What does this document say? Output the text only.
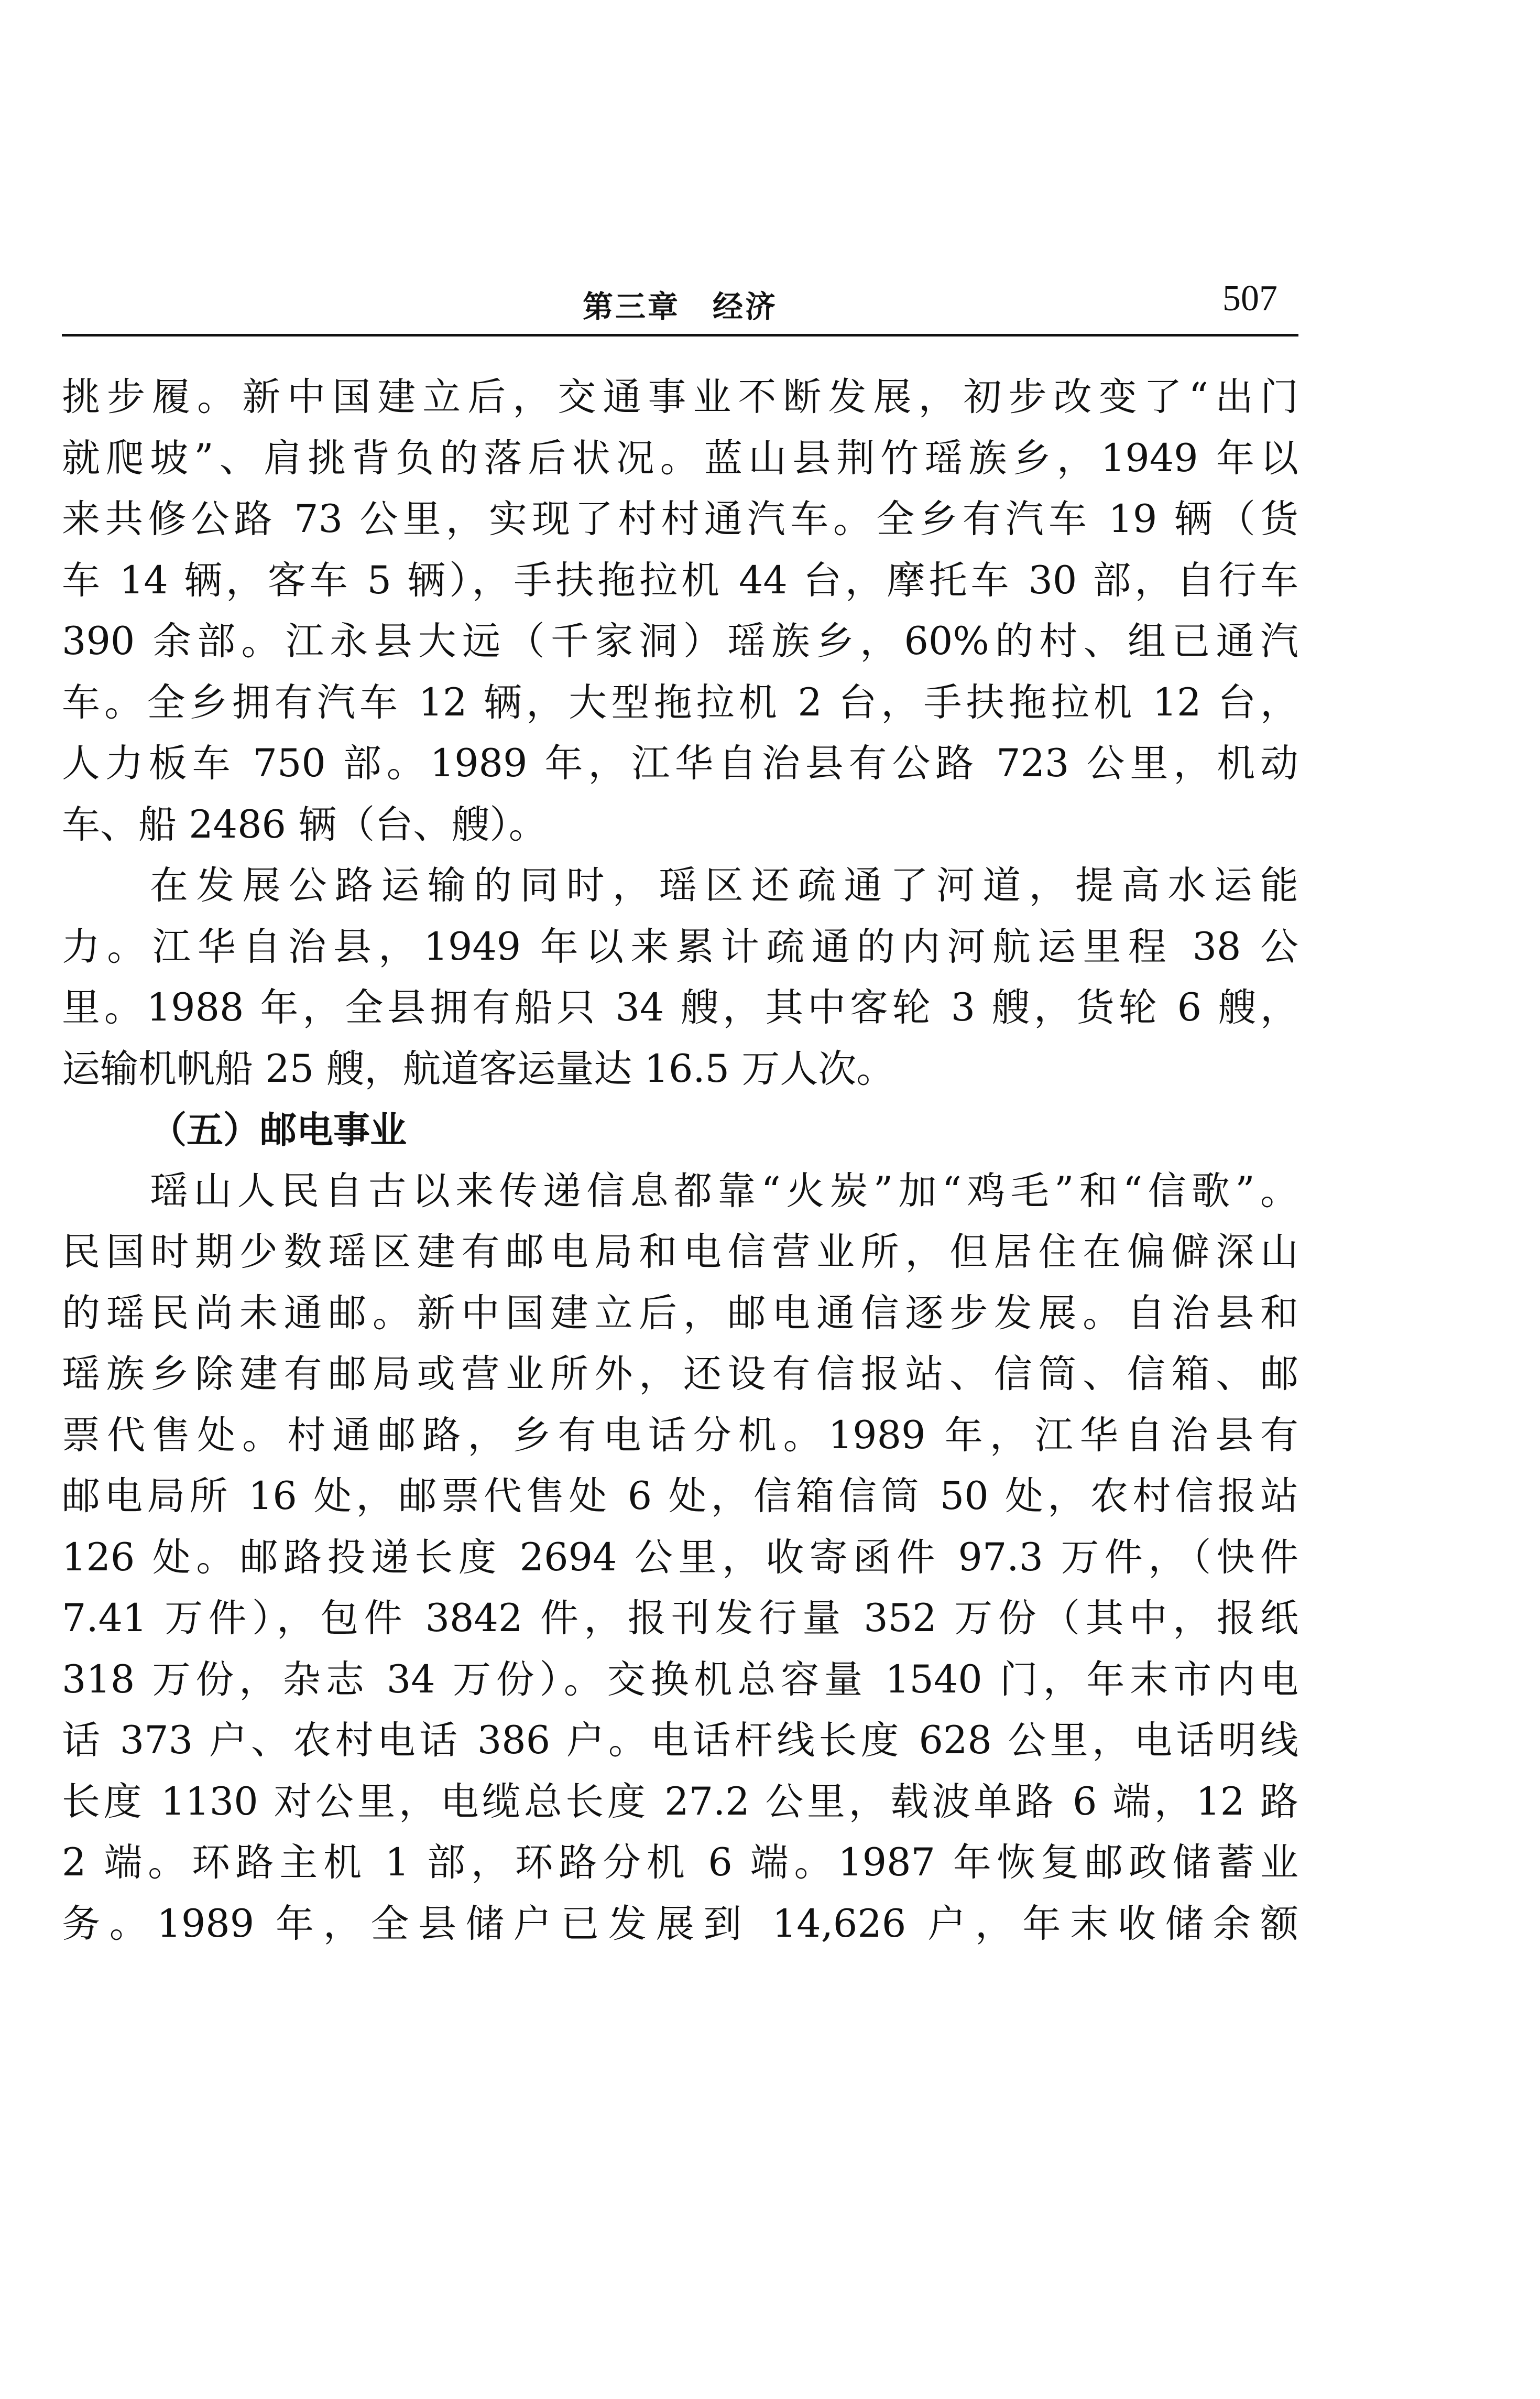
第三章　经济	507
挑步履。新中国建立后，交通事业不断发展，初步改变了“出门
就爬坡”、肩挑背负的落后状况。蓝山县荆竹瑶族乡，1949 年以
来共修公路 73 公里，实现了村村通汽车。全乡有汽车 19 辆（货
车 14 辆，客车 5 辆），手扶拖拉机 44 台，摩托车 30 部，自行车
390 余部。江永县大远（千家洞）瑶族乡，60%的村、组已通汽
车。全乡拥有汽车 12 辆，大型拖拉机 2 台，手扶拖拉机 12 台，
人力板车 750 部。1989 年，江华自治县有公路 723 公里，机动
车、船 2486 辆（台、艘）。
在发展公路运输的同时，瑶区还疏通了河道，提高水运能
力。江华自治县，1949 年以来累计疏通的内河航运里程 38 公
里。1988 年，全县拥有船只 34 艘，其中客轮 3 艘，货轮 6 艘，
运输机帆船 25 艘，航道客运量达 16.5 万人次。
（五）邮电事业
瑶山人民自古以来传递信息都靠“火炭”加“鸡毛”和“信歌”。
民国时期少数瑶区建有邮电局和电信营业所，但居住在偏僻深山
的瑶民尚未通邮。新中国建立后，邮电通信逐步发展。自治县和
瑶族乡除建有邮局或营业所外，还设有信报站、信筒、信箱、邮
票代售处。村通邮路，乡有电话分机。1989 年，江华自治县有
邮电局所 16 处，邮票代售处 6 处，信箱信筒 50 处，农村信报站
126 处。邮路投递长度 2694 公里，收寄函件 97.3 万件，（快件
7.41 万件），包件 3842 件，报刊发行量 352 万份（其中，报纸
318 万份，杂志 34 万份）。交换机总容量 1540 门，年末市内电
话 373 户、农村电话 386 户。电话杆线长度 628 公里，电话明线
长度 1130 对公里，电缆总长度 27.2 公里，载波单路 6 端，12 路
2 端。环路主机 1 部，环路分机 6 端。1987 年恢复邮政储蓄业
务。1989 年，全县储户已发展到 14,626 户，年末收储余额
